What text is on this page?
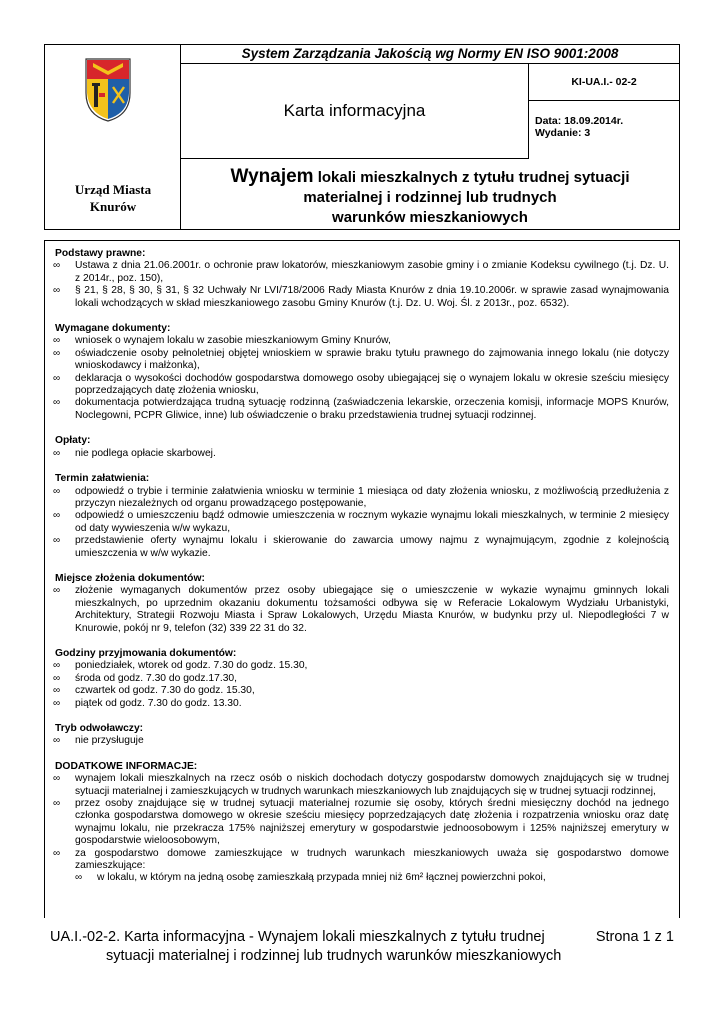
Urząd Miasta
Knurów
System Zarządzania Jakością wg Normy EN ISO 9001:2008
Karta informacyjna
KI-UA.I.- 02-2
Data: 18.09.2014r.
Wydanie: 3
Wynajem lokali mieszkalnych z tytułu trudnej sytuacji
materialnej i rodzinnej lub trudnych
warunków mieszkaniowych
Podstawy prawne:
∞ Ustawa z dnia 21.06.2001r. o ochronie praw lokatorów, mieszkaniowym zasobie gminy i o zmianie Kodeksu cywilnego (t.j. Dz. U. z 2014r., poz. 150),
∞ § 21, § 28, § 30, § 31, § 32 Uchwały Nr LVI/718/2006 Rady Miasta Knurów z dnia 19.10.2006r. w sprawie zasad wynajmowania lokali wchodzących w skład mieszkaniowego zasobu Gminy Knurów (t.j. Dz. U. Woj. Śl. z 2013r., poz. 6532).
Wymagane dokumenty:
∞ wniosek o wynajem lokalu w zasobie mieszkaniowym Gminy Knurów,
∞ oświadczenie osoby pełnoletniej objętej wnioskiem w sprawie braku tytułu prawnego do zajmowania innego lokalu (nie dotyczy wnioskodawcy i małżonka),
∞ deklaracja o wysokości dochodów gospodarstwa domowego osoby ubiegającej się o wynajem lokalu w okresie sześciu miesięcy poprzedzających datę złożenia wniosku,
∞ dokumentacja potwierdzająca trudną sytuację rodzinną (zaświadczenia lekarskie, orzeczenia komisji, informacje MOPS Knurów, Noclegowni, PCPR Gliwice, inne) lub oświadczenie o braku przedstawienia trudnej sytuacji rodzinnej.
Opłaty:
∞ nie podlega opłacie skarbowej.
Termin załatwienia:
∞ odpowiedź o trybie i terminie załatwienia wniosku w terminie 1 miesiąca od daty złożenia wniosku, z możliwością przedłużenia z przyczyn niezależnych od organu prowadzącego postępowanie,
∞ odpowiedź o umieszczeniu bądź odmowie umieszczenia w rocznym wykazie wynajmu lokali mieszkalnych, w terminie 2 miesięcy od daty wywieszenia w/w wykazu,
∞ przedstawienie oferty wynajmu lokalu i skierowanie do zawarcia umowy najmu z wynajmującym, zgodnie z kolejnością umieszczenia w w/w wykazie.
Miejsce złożenia dokumentów:
∞ złożenie wymaganych dokumentów przez osoby ubiegające się o umieszczenie w wykazie wynajmu gminnych lokali mieszkalnych, po uprzednim okazaniu dokumentu tożsamości odbywa się w Referacie Lokalowym Wydziału Urbanistyki, Architektury, Strategii Rozwoju Miasta i Spraw Lokalowych, Urzędu Miasta Knurów, w budynku przy ul. Niepodległości 7 w Knurowie, pokój nr 9, telefon (32) 339 22 31 do 32.
Godziny przyjmowania dokumentów:
∞ poniedziałek, wtorek od godz. 7.30 do godz. 15.30,
∞ środa od godz. 7.30 do godz.17.30,
∞ czwartek od godz. 7.30 do godz. 15.30,
∞ piątek od godz. 7.30 do godz. 13.30.
Tryb odwoławczy:
∞ nie przysługuje
DODATKOWE INFORMACJE:
∞ wynajem lokali mieszkalnych na rzecz osób o niskich dochodach dotyczy gospodarstw domowych znajdujących się w trudnej sytuacji materialnej i zamieszkujących w trudnych warunkach mieszkaniowych lub znajdujących się w trudnej sytuacji rodzinnej,
∞ przez osoby znajdujące się w trudnej sytuacji materialnej rozumie się osoby, których średni miesięczny dochód na jednego członka gospodarstwa domowego w okresie sześciu miesięcy poprzedzających datę złożenia i rozpatrzenia wniosku oraz datę wynajmu lokalu, nie przekracza 175% najniższej emerytury w gospodarstwie jednoosobowym i 125% najniższej emerytury w gospodarstwie wieloosobowym,
∞ za gospodarstwo domowe zamieszkujące w trudnych warunkach mieszkaniowych uważa się gospodarstwo domowe zamieszkujące:
∞ w lokalu, w którym na jedną osobę zamieszkałą przypada mniej niż 6m² łącznej powierzchni pokoi,
UA.I.-02-2. Karta informacyjna - Wynajem lokali mieszkalnych z tytułu trudnej	Strona 1 z 1
sytuacji materialnej i rodzinnej lub trudnych warunków mieszkaniowych
